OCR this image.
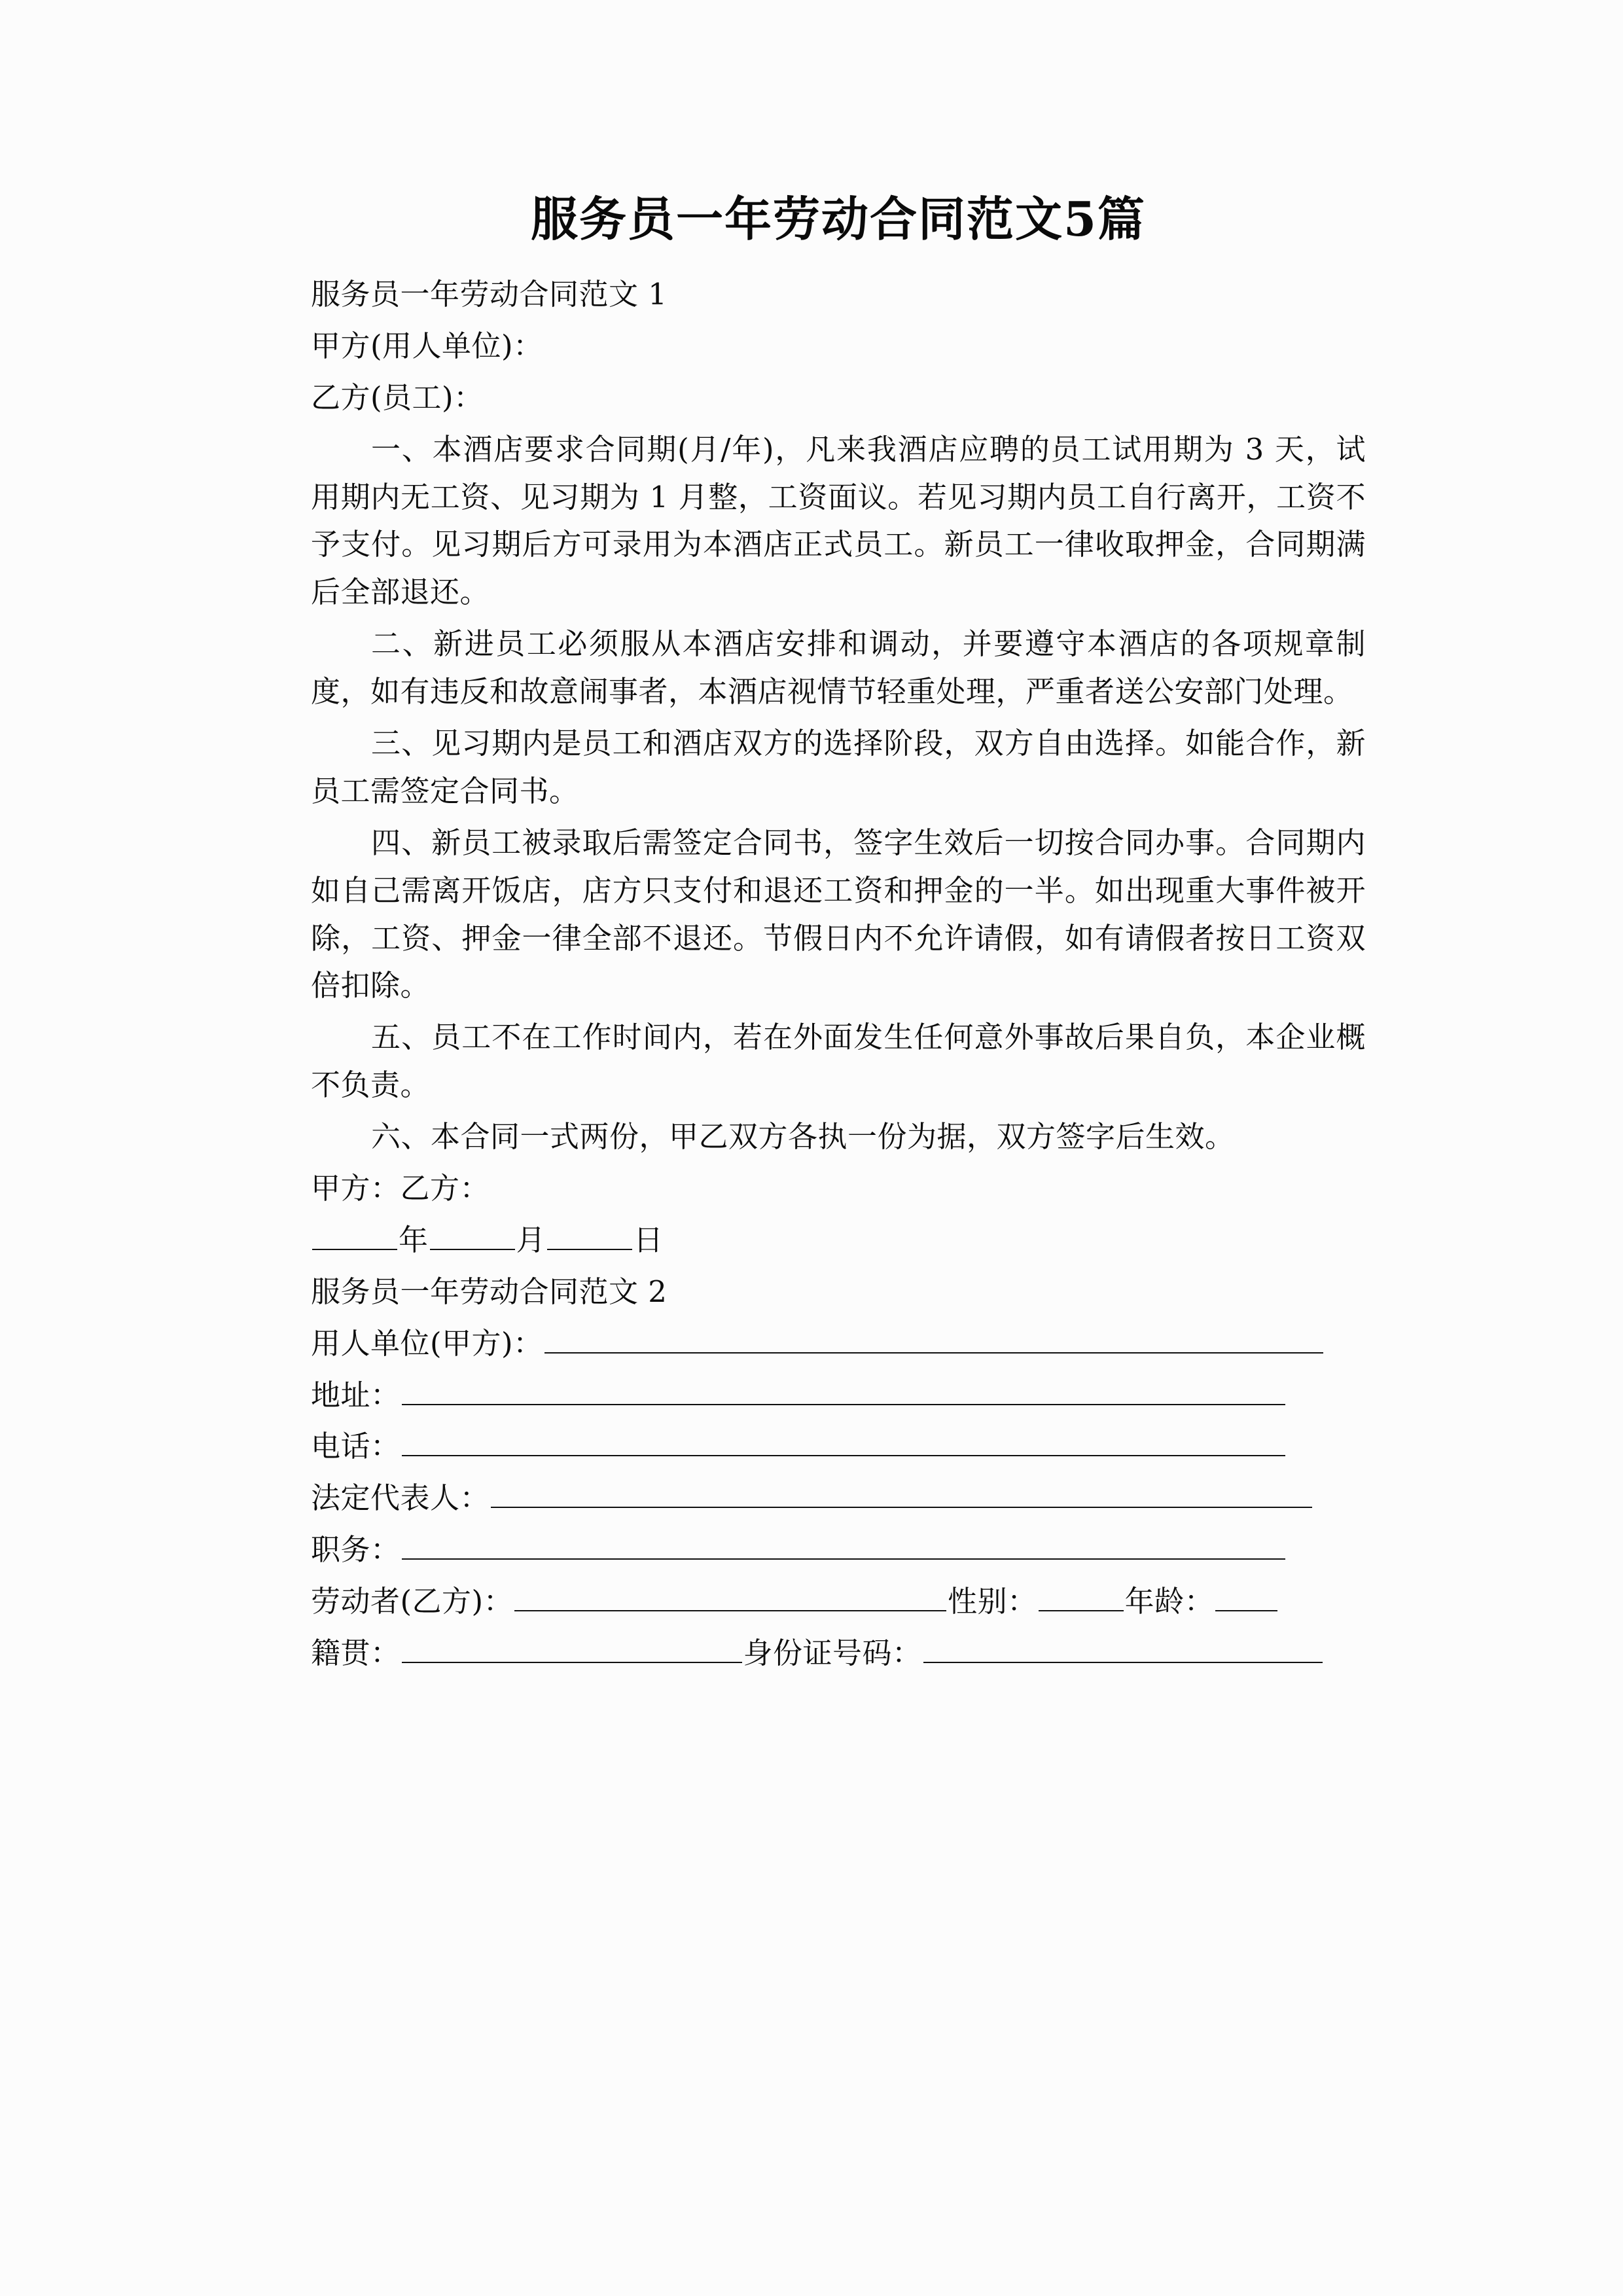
服务员一年劳动合同范文5篇

服务员一年劳动合同范文 1

甲方(用人单位)：

乙方(员工)：

一、本酒店要求合同期(月/年)，凡来我酒店应聘的员工试用期为 3 天，试用期内无工资、见习期为 1 月整，工资面议。若见习期内员工自行离开，工资不予支付。见习期后方可录用为本酒店正式员工。新员工一律收取押金，合同期满后全部退还。

二、新进员工必须服从本酒店安排和调动，并要遵守本酒店的各项规章制度，如有违反和故意闹事者，本酒店视情节轻重处理，严重者送公安部门处理。

三、见习期内是员工和酒店双方的选择阶段，双方自由选择。如能合作，新员工需签定合同书。

四、新员工被录取后需签定合同书，签字生效后一切按合同办事。合同期内如自己需离开饭店，店方只支付和退还工资和押金的一半。如出现重大事件被开除，工资、押金一律全部不退还。节假日内不允许请假，如有请假者按日工资双倍扣除。

五、员工不在工作时间内，若在外面发生任何意外事故后果自负，本企业概不负责。

六、本合同一式两份，甲乙双方各执一份为据，双方签字后生效。

甲方：乙方：

年	月	日

服务员一年劳动合同范文 2

用人单位(甲方)：
地址：
电话：
法定代表人：
职务：
劳动者(乙方)：	性别：	年龄：
籍贯：	身份证号码：
